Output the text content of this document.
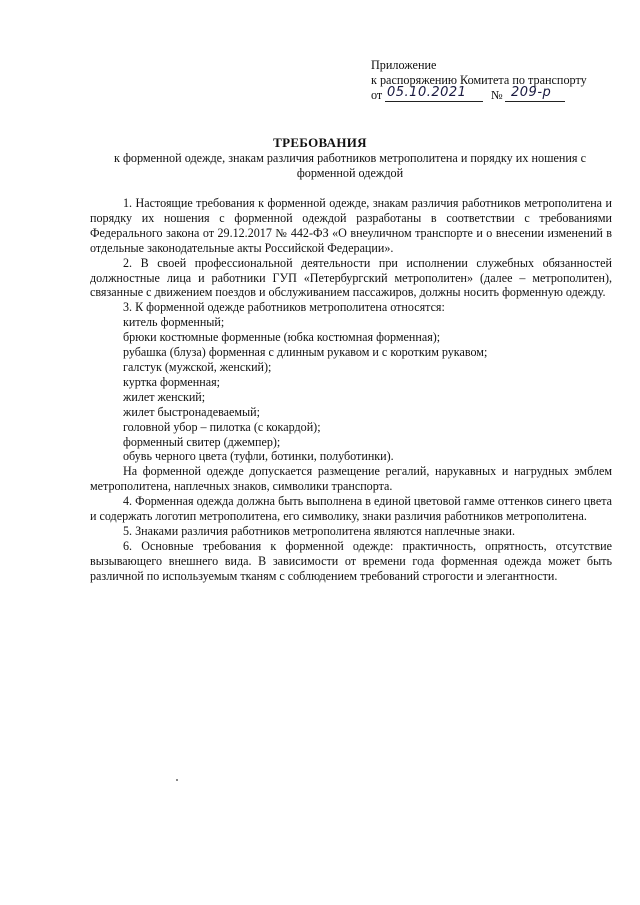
Приложение
к распоряжению Комитета по транспорту
от 05.10.2021 № 209-р
ТРЕБОВАНИЯ
к форменной одежде, знакам различия работников метрополитена и порядку их ношения с форменной одеждой

1. Настоящие требования к форменной одежде, знакам различия работников метрополитена и порядку их ношения с форменной одеждой разработаны в соответствии с требованиями Федерального закона от 29.12.2017 № 442-ФЗ «О внеуличном транспорте и о внесении изменений в отдельные законодательные акты Российской Федерации».

2. В своей профессиональной деятельности при исполнении служебных обязанностей должностные лица и работники ГУП «Петербургский метрополитен» (далее – метрополитен), связанные с движением поездов и обслуживанием пассажиров, должны носить форменную одежду.

3. К форменной одежде работников метрополитена относятся:

китель форменный;
брюки костюмные форменные (юбка костюмная форменная);
рубашка (блуза) форменная с длинным рукавом и с коротким рукавом;
галстук (мужской, женский);
куртка форменная;
жилет женский;
жилет быстронадеваемый;
головной убор – пилотка (с кокардой);
форменный свитер (джемпер);
обувь черного цвета (туфли, ботинки, полуботинки).

На форменной одежде допускается размещение регалий, нарукавных и нагрудных эмблем метрополитена, наплечных знаков, символики транспорта.

4. Форменная одежда должна быть выполнена в единой цветовой гамме оттенков синего цвета и содержать логотип метрополитена, его символику, знаки различия работников метрополитена.

5. Знаками различия работников метрополитена являются наплечные знаки.

6. Основные требования к форменной одежде: практичность, опрятность, отсутствие вызывающего внешнего вида. В зависимости от времени года форменная одежда может быть различной по используемым тканям с соблюдением требований строгости и элегантности.
